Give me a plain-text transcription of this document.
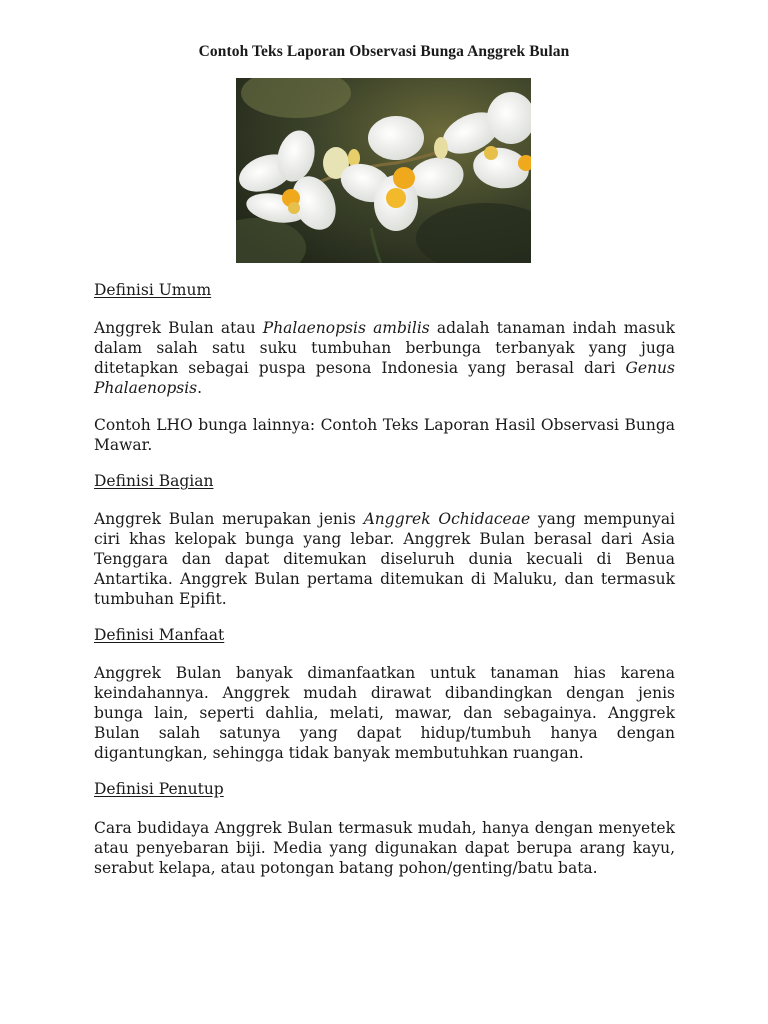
Contoh Teks Laporan Observasi Bunga Anggrek Bulan
Definisi Umum
Anggrek Bulan atau Phalaenopsis ambilis adalah tanaman indah masuk dalam salah satu suku tumbuhan berbunga terbanyak yang juga ditetapkan sebagai puspa pesona Indonesia yang berasal dari Genus Phalaenopsis.
Contoh LHO bunga lainnya: Contoh Teks Laporan Hasil Observasi Bunga Mawar.
Definisi Bagian
Anggrek Bulan merupakan jenis Anggrek Ochidaceae yang mempunyai ciri khas kelopak bunga yang lebar. Anggrek Bulan berasal dari Asia Tenggara dan dapat ditemukan diseluruh dunia kecuali di Benua Antartika. Anggrek Bulan pertama ditemukan di Maluku, dan termasuk tumbuhan Epifit.
Definisi Manfaat
Anggrek Bulan banyak dimanfaatkan untuk tanaman hias karena keindahannya. Anggrek mudah dirawat dibandingkan dengan jenis bunga lain, seperti dahlia, melati, mawar, dan sebagainya. Anggrek Bulan salah satunya yang dapat hidup/tumbuh hanya dengan digantungkan, sehingga tidak banyak membutuhkan ruangan.
Definisi Penutup
Cara budidaya Anggrek Bulan termasuk mudah, hanya dengan menyetek atau penyebaran biji. Media yang digunakan dapat berupa arang kayu, serabut kelapa, atau potongan batang pohon/genting/batu bata.
